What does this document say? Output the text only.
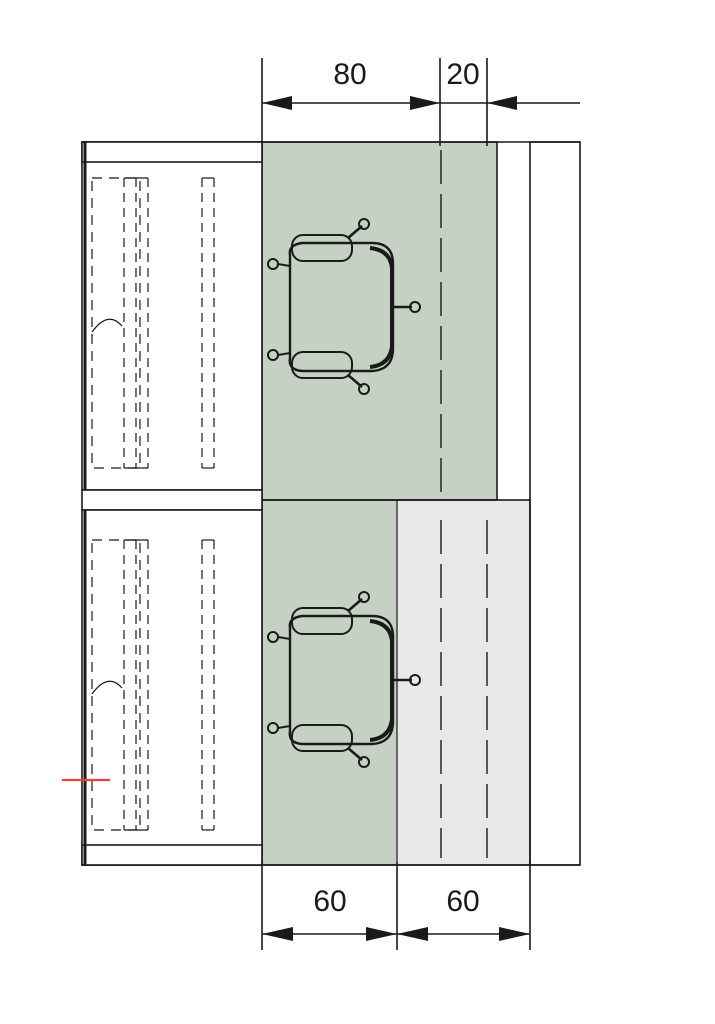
80	20
60	60
